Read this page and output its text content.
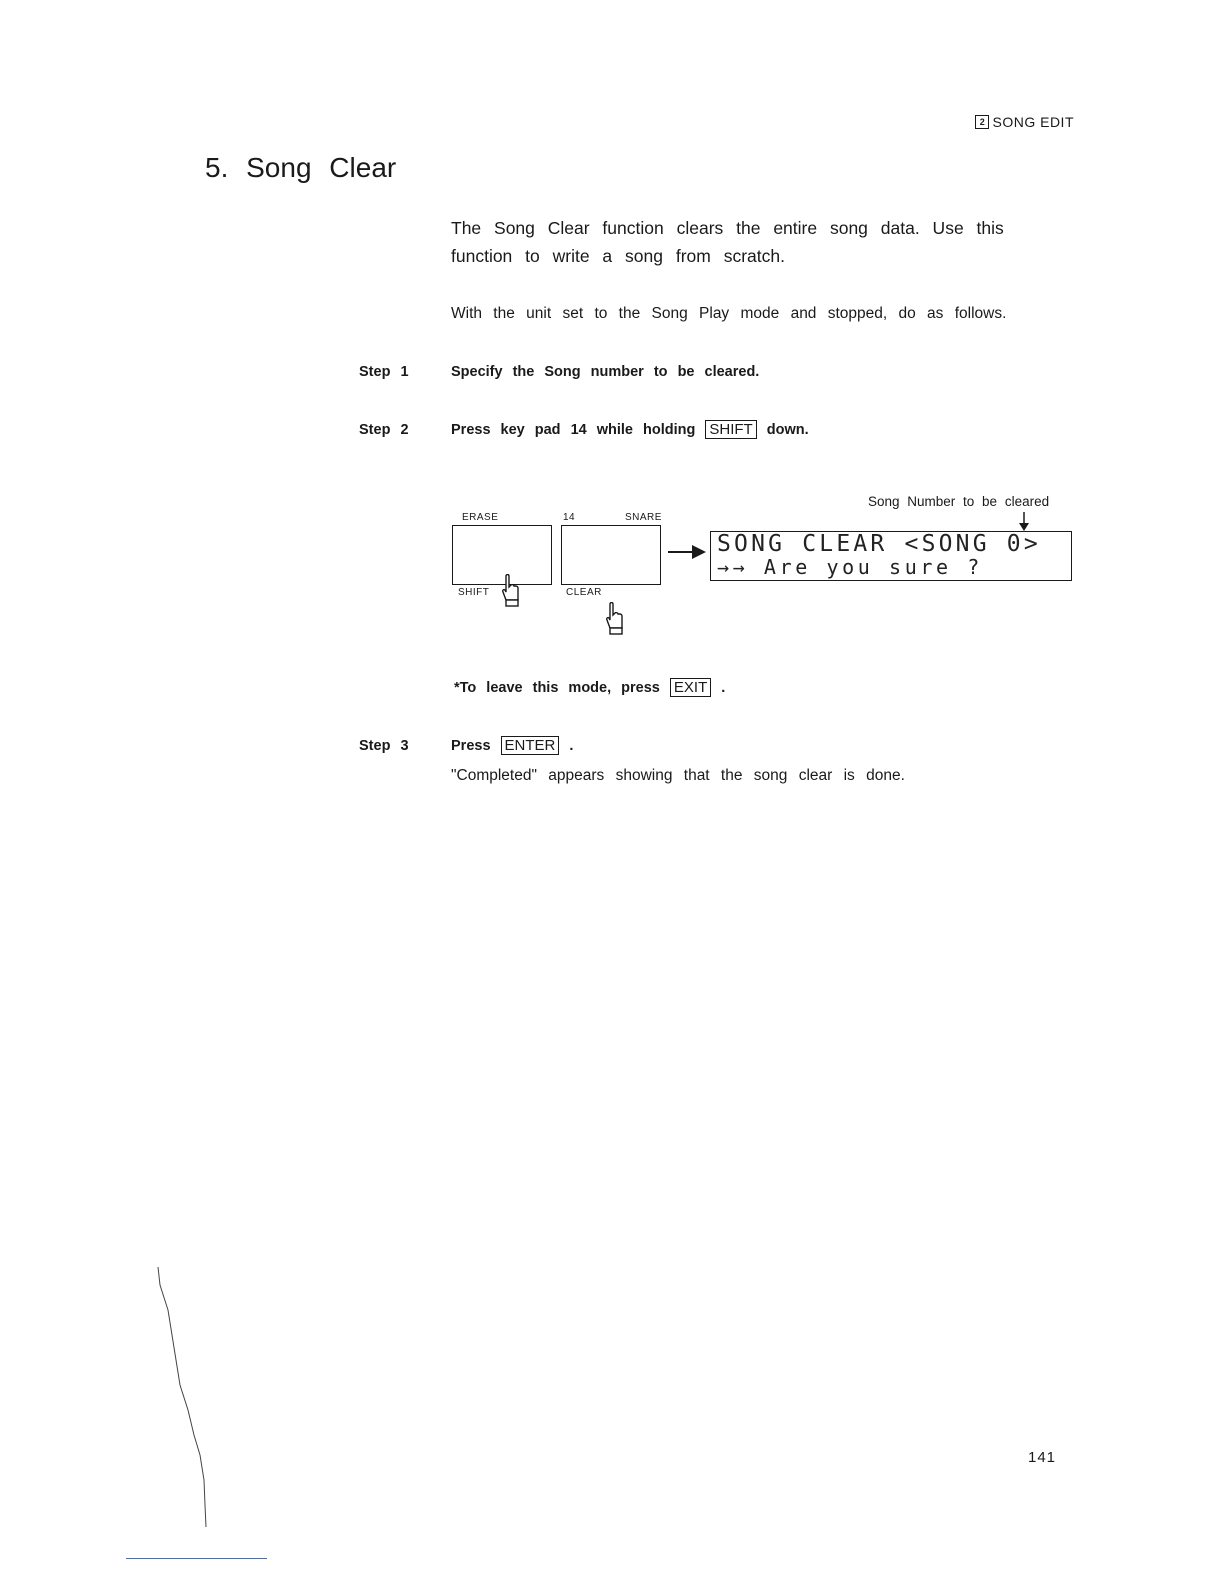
2 SONG EDIT
5. Song Clear
The Song Clear function clears the entire song data. Use this function to write a song from scratch.
With the unit set to the Song Play mode and stopped, do as follows.
Step 1	Specify the Song number to be cleared.
Step 2	Press key pad 14 while holding SHIFT down.
ERASE	14	SNARE
SHIFT	CLEAR
Song Number to be cleared
SONG CLEAR <SONG 0>
→→ Are you sure ?
*To leave this mode, press EXIT .
Step 3	Press ENTER .
"Completed" appears showing that the song clear is done.
141
